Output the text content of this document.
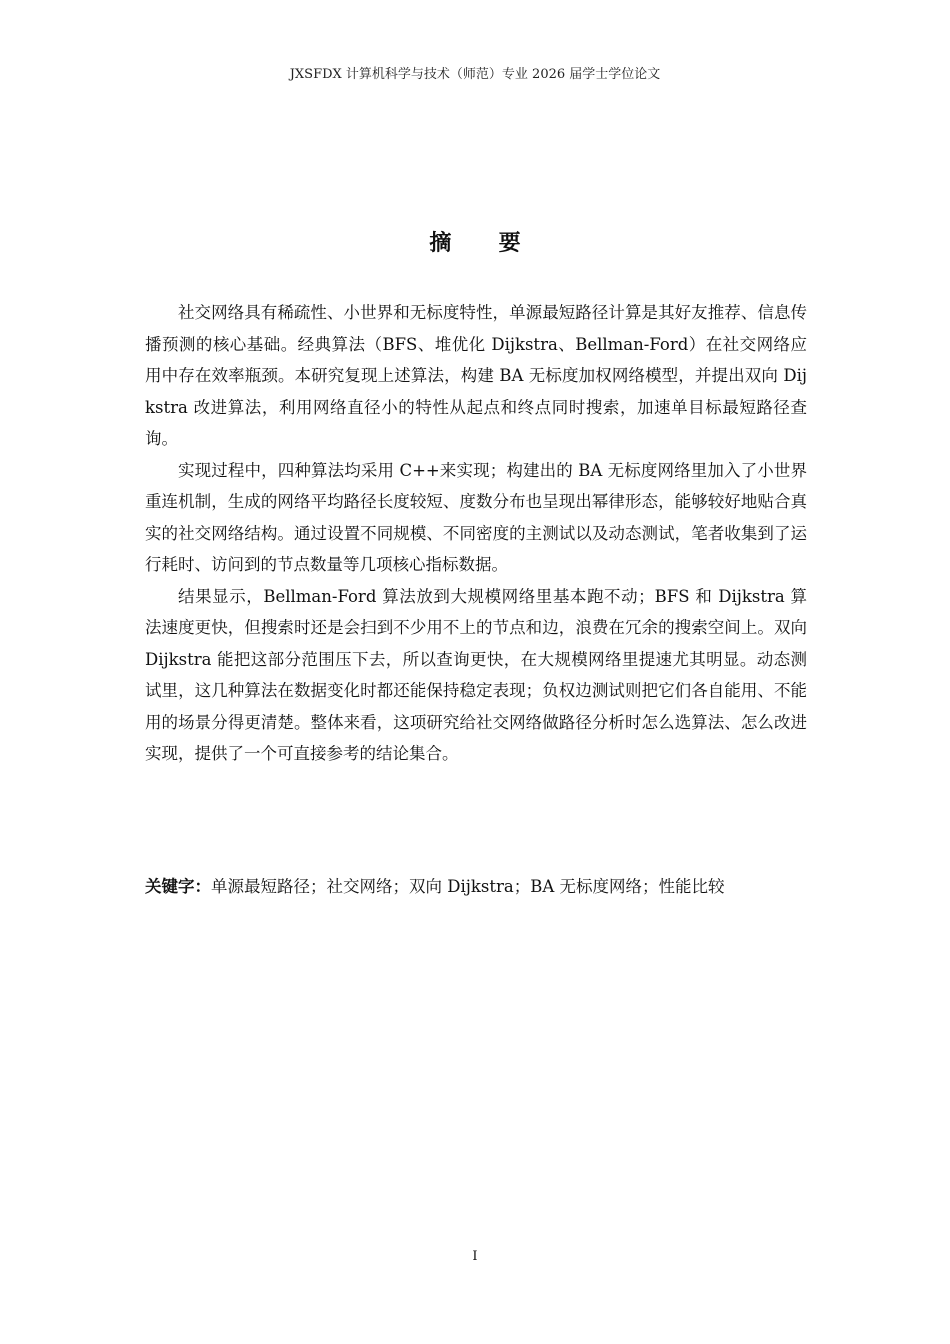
JXSFDX 计算机科学与技术（师范）专业 2026 届学士学位论文
摘 要

社交网络具有稀疏性、小世界和无标度特性，单源最短路径计算是其好友推荐、信息传播预测的核心基础。经典算法（BFS、堆优化 Dijkstra、Bellman-Ford）在社交网络应用中存在效率瓶颈。本研究复现上述算法，构建 BA 无标度加权网络模型，并提出双向 Dijkstra 改进算法，利用网络直径小的特性从起点和终点同时搜索，加速单目标最短路径查询。

实现过程中，四种算法均采用 C++来实现；构建出的 BA 无标度网络里加入了小世界重连机制，生成的网络平均路径长度较短、度数分布也呈现出幂律形态，能够较好地贴合真实的社交网络结构。通过设置不同规模、不同密度的主测试以及动态测试，笔者收集到了运行耗时、访问到的节点数量等几项核心指标数据。

结果显示，Bellman-Ford 算法放到大规模网络里基本跑不动；BFS 和 Dijkstra 算法速度更快，但搜索时还是会扫到不少用不上的节点和边，浪费在冗余的搜索空间上。双向 Dijkstra 能把这部分范围压下去，所以查询更快，在大规模网络里提速尤其明显。动态测试里，这几种算法在数据变化时都还能保持稳定表现；负权边测试则把它们各自能用、不能用的场景分得更清楚。整体来看，这项研究给社交网络做路径分析时怎么选算法、怎么改进实现，提供了一个可直接参考的结论集合。

关键字：单源最短路径；社交网络；双向 Dijkstra；BA 无标度网络；性能比较
I
